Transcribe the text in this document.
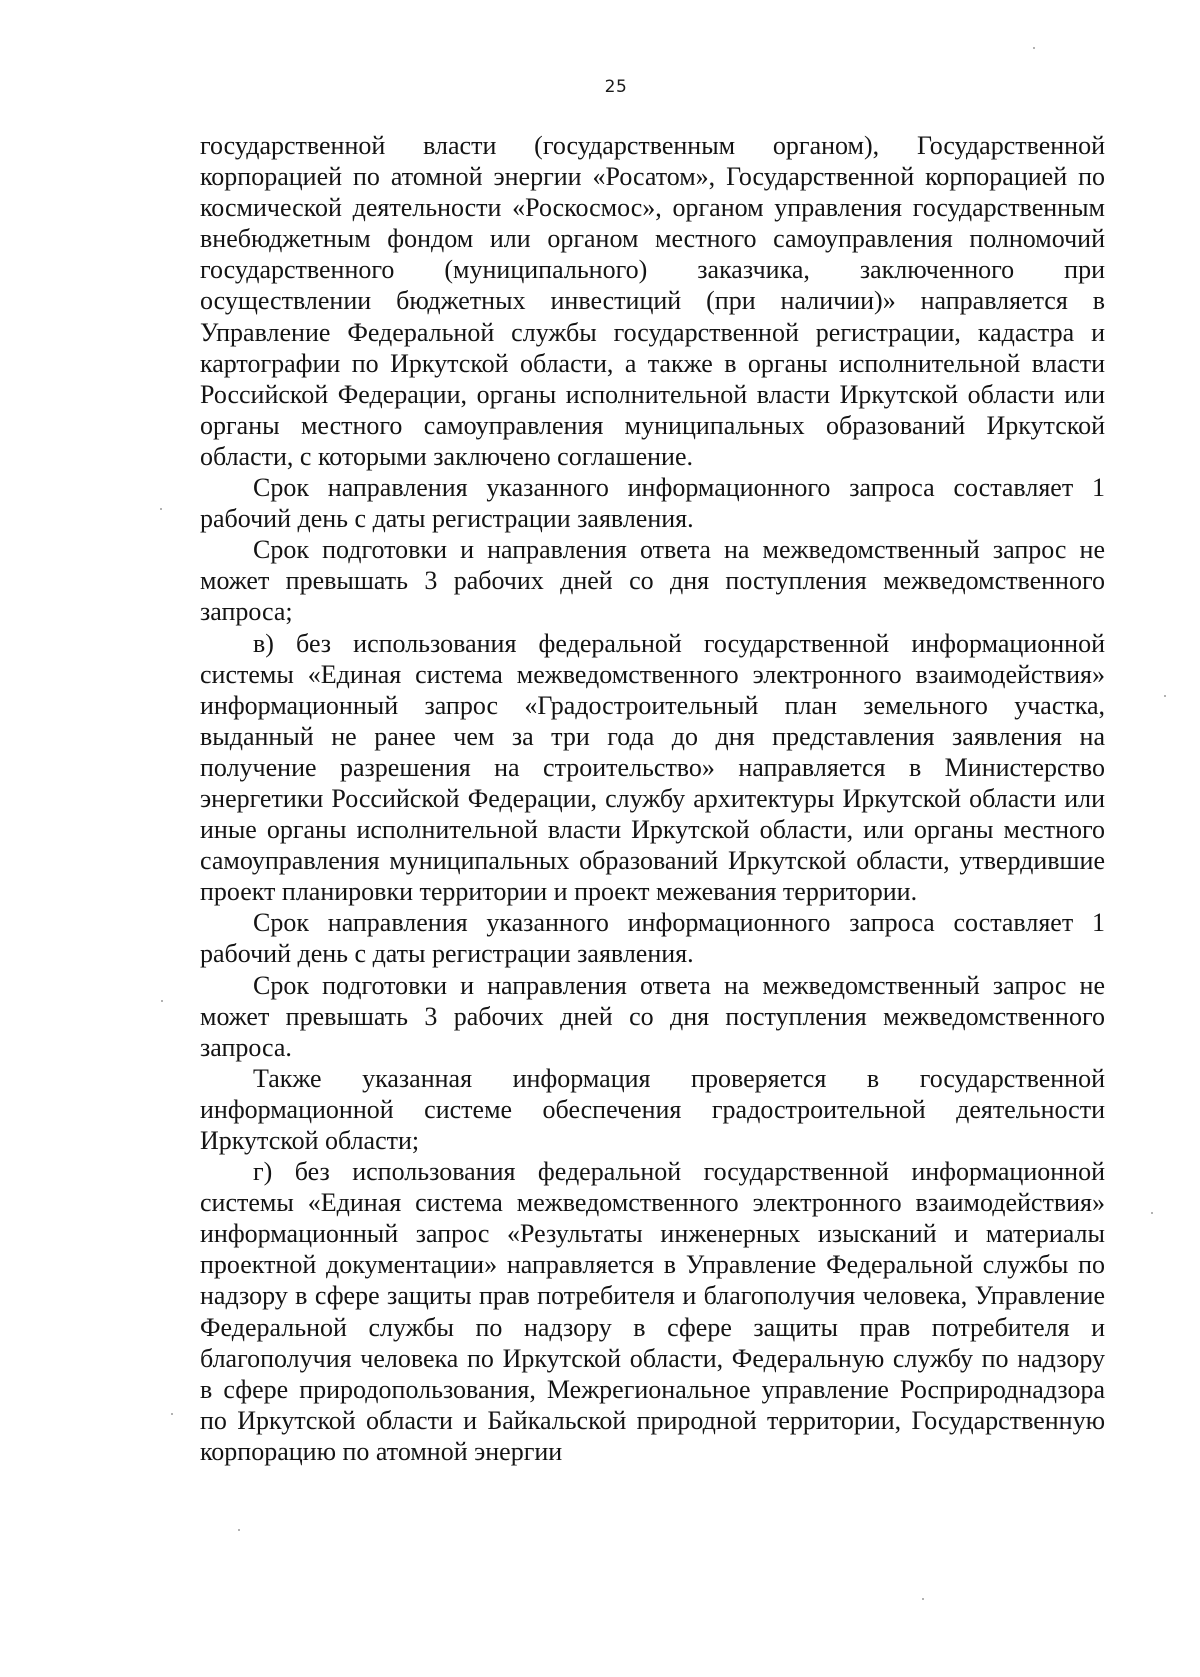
25

государственной власти (государственным органом), Государственной корпорацией по атомной энергии «Росатом», Государственной корпорацией по космической деятельности «Роскосмос», органом управления государственным внебюджетным фондом или органом местного самоуправления полномочий государственного (муниципального) заказчика, заключенного при осуществлении бюджетных инвестиций (при наличии)» направляется в Управление Федеральной службы государственной регистрации, кадастра и картографии по Иркутской области, а также в органы исполнительной власти Российской Федерации, органы исполнительной власти Иркутской области или органы местного самоуправления муниципальных образований Иркутской области, с которыми заключено соглашение.

Срок направления указанного информационного запроса составляет 1 рабочий день с даты регистрации заявления.

Срок подготовки и направления ответа на межведомственный запрос не может превышать 3 рабочих дней со дня поступления межведомственного запроса;

в) без использования федеральной государственной информационной системы «Единая система межведомственного электронного взаимодействия» информационный запрос «Градостроительный план земельного участка, выданный не ранее чем за три года до дня представления заявления на получение разрешения на строительство» направляется в Министерство энергетики Российской Федерации, службу архитектуры Иркутской области или иные органы исполнительной власти Иркутской области, или органы местного самоуправления муниципальных образований Иркутской области, утвердившие проект планировки территории и проект межевания территории.

Срок направления указанного информационного запроса составляет 1 рабочий день с даты регистрации заявления.

Срок подготовки и направления ответа на межведомственный запрос не может превышать 3 рабочих дней со дня поступления межведомственного запроса.

Также указанная информация проверяется в государственной информационной системе обеспечения градостроительной деятельности Иркутской области;

г) без использования федеральной государственной информационной системы «Единая система межведомственного электронного взаимодействия» информационный запрос «Результаты инженерных изысканий и материалы проектной документации» направляется в Управление Федеральной службы по надзору в сфере защиты прав потребителя и благополучия человека, Управление Федеральной службы по надзору в сфере защиты прав потребителя и благополучия человека по Иркутской области, Федеральную службу по надзору в сфере природопользования, Межрегиональное управление Росприроднадзора по Иркутской области и Байкальской природной территории, Государственную корпорацию по атомной энергии
